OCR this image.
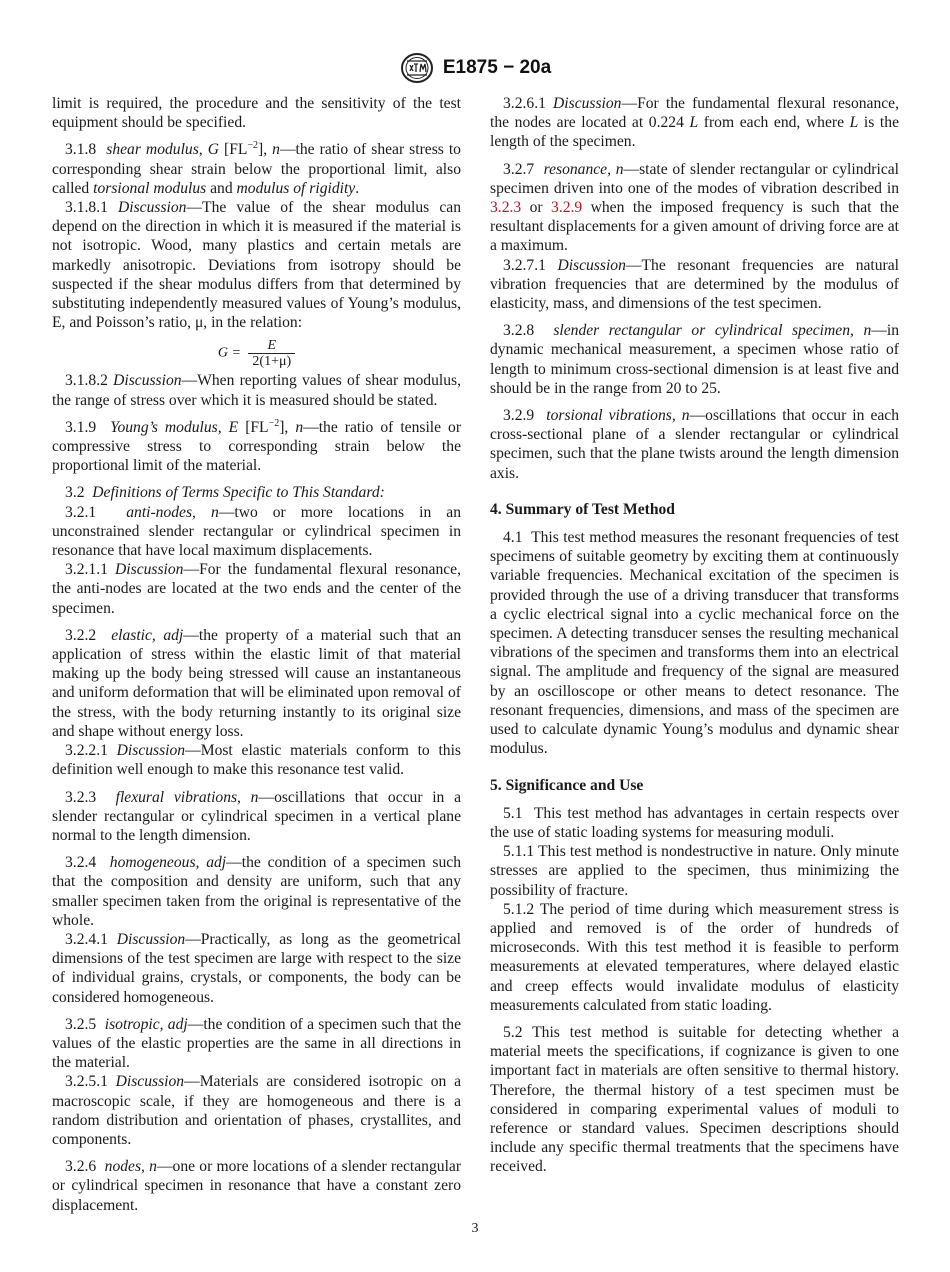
E1875 − 20a

limit is required, the procedure and the sensitivity of the test equipment should be specified.

3.1.8 shear modulus, G $[FL^{-2}]$, n—the ratio of shear stress to corresponding shear strain below the proportional limit, also called torsional modulus and modulus of rigidity.

3.1.8.1 Discussion—The value of the shear modulus can depend on the direction in which it is measured if the material is not isotropic. Wood, many plastics and certain metals are markedly anisotropic. Deviations from isotropy should be suspected if the shear modulus differs from that determined by substituting independently measured values of Young’s modulus, E, and Poisson’s ratio, μ, in the relation:

$G = \frac{E}{2(1+\mu)}$

3.1.8.2 Discussion—When reporting values of shear modulus, the range of stress over which it is measured should be stated.

3.1.9 Young’s modulus, E $[FL^{-2}]$, n—the ratio of tensile or compressive stress to corresponding strain below the proportional limit of the material.

3.2 Definitions of Terms Specific to This Standard:

3.2.1 anti-nodes, n—two or more locations in an unconstrained slender rectangular or cylindrical specimen in resonance that have local maximum displacements.

3.2.1.1 Discussion—For the fundamental flexural resonance, the anti-nodes are located at the two ends and the center of the specimen.

3.2.2 elastic, adj—the property of a material such that an application of stress within the elastic limit of that material making up the body being stressed will cause an instantaneous and uniform deformation that will be eliminated upon removal of the stress, with the body returning instantly to its original size and shape without energy loss.

3.2.2.1 Discussion—Most elastic materials conform to this definition well enough to make this resonance test valid.

3.2.3 flexural vibrations, n—oscillations that occur in a slender rectangular or cylindrical specimen in a vertical plane normal to the length dimension.

3.2.4 homogeneous, adj—the condition of a specimen such that the composition and density are uniform, such that any smaller specimen taken from the original is representative of the whole.

3.2.4.1 Discussion—Practically, as long as the geometrical dimensions of the test specimen are large with respect to the size of individual grains, crystals, or components, the body can be considered homogeneous.

3.2.5 isotropic, adj—the condition of a specimen such that the values of the elastic properties are the same in all directions in the material.

3.2.5.1 Discussion—Materials are considered isotropic on a macroscopic scale, if they are homogeneous and there is a random distribution and orientation of phases, crystallites, and components.

3.2.6 nodes, n—one or more locations of a slender rectangular or cylindrical specimen in resonance that have a constant zero displacement.

3.2.6.1 Discussion—For the fundamental flexural resonance, the nodes are located at 0.224 L from each end, where L is the length of the specimen.

3.2.7 resonance, n—state of slender rectangular or cylindrical specimen driven into one of the modes of vibration described in 3.2.3 or 3.2.9 when the imposed frequency is such that the resultant displacements for a given amount of driving force are at a maximum.

3.2.7.1 Discussion—The resonant frequencies are natural vibration frequencies that are determined by the modulus of elasticity, mass, and dimensions of the test specimen.

3.2.8 slender rectangular or cylindrical specimen, n—in dynamic mechanical measurement, a specimen whose ratio of length to minimum cross-sectional dimension is at least five and should be in the range from 20 to 25.

3.2.9 torsional vibrations, n—oscillations that occur in each cross-sectional plane of a slender rectangular or cylindrical specimen, such that the plane twists around the length dimension axis.

4. Summary of Test Method

4.1 This test method measures the resonant frequencies of test specimens of suitable geometry by exciting them at continuously variable frequencies. Mechanical excitation of the specimen is provided through the use of a driving transducer that transforms a cyclic electrical signal into a cyclic mechanical force on the specimen. A detecting transducer senses the resulting mechanical vibrations of the specimen and transforms them into an electrical signal. The amplitude and frequency of the signal are measured by an oscilloscope or other means to detect resonance. The resonant frequencies, dimensions, and mass of the specimen are used to calculate dynamic Young’s modulus and dynamic shear modulus.

5. Significance and Use

5.1 This test method has advantages in certain respects over the use of static loading systems for measuring moduli.

5.1.1 This test method is nondestructive in nature. Only minute stresses are applied to the specimen, thus minimizing the possibility of fracture.

5.1.2 The period of time during which measurement stress is applied and removed is of the order of hundreds of microseconds. With this test method it is feasible to perform measurements at elevated temperatures, where delayed elastic and creep effects would invalidate modulus of elasticity measurements calculated from static loading.

5.2 This test method is suitable for detecting whether a material meets the specifications, if cognizance is given to one important fact in materials are often sensitive to thermal history. Therefore, the thermal history of a test specimen must be considered in comparing experimental values of moduli to reference or standard values. Specimen descriptions should include any specific thermal treatments that the specimens have received.

3
